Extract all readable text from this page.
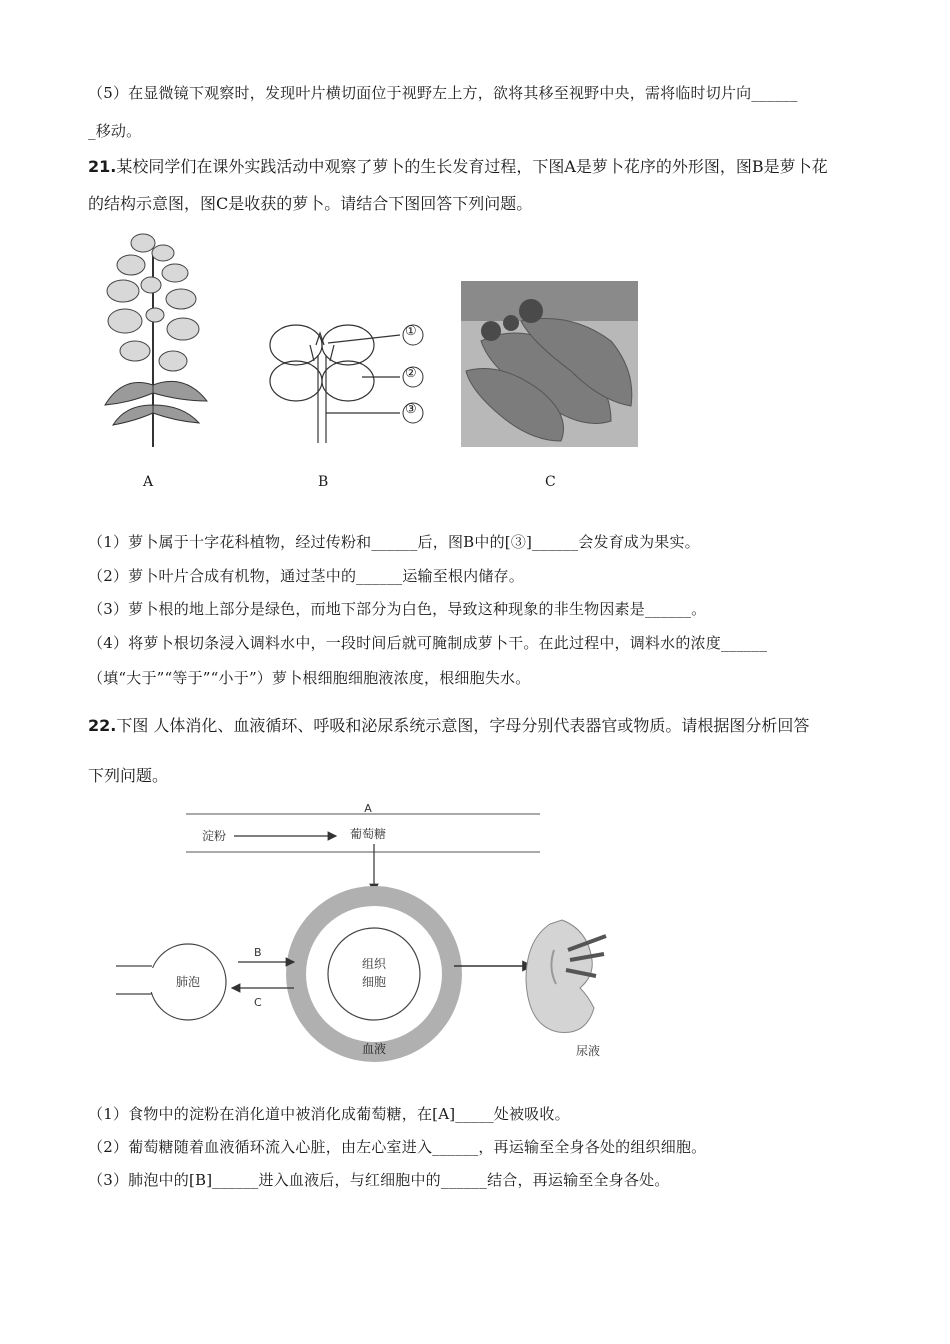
（5）在显微镜下观察时，发现叶片横切面位于视野左上方，欲将其移至视野中央，需将临时切片向______
_移动。
21.某校同学们在课外实践活动中观察了萝卜的生长发育过程，下图A是萝卜花序的外形图，图B是萝卜花
的结构示意图，图C是收获的萝卜。请结合下图回答下列问题。
A
①
②
③
B	C
（1）萝卜属于十字花科植物，经过传粉和______后，图B中的[③]______会发育成为果实。
（2）萝卜叶片合成有机物，通过茎中的______运输至根内储存。
（3）萝卜根的地上部分是绿色，而地下部分为白色，导致这种现象的非生物因素是______。
（4）将萝卜根切条浸入调料水中，一段时间后就可腌制成萝卜干。在此过程中，调料水的浓度______
（填“大于”“等于”“小于”）萝卜根细胞细胞液浓度，根细胞失水。
22.下图 人体消化、血液循环、呼吸和泌尿系统示意图，字母分别代表器官或物质。请根据图分析回答
下列问题。
A
淀粉	葡萄糖
组织
细胞
血液
肺泡
B
C
尿液
（1）食物中的淀粉在消化道中被消化成葡萄糖，在[A]_____处被吸收。
（2）葡萄糖随着血液循环流入心脏，由左心室进入______，再运输至全身各处的组织细胞。
（3）肺泡中的[B]______进入血液后，与红细胞中的______结合，再运输至全身各处。
